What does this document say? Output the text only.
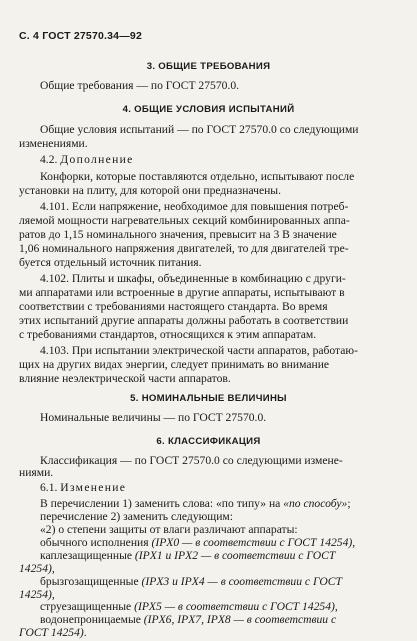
С. 4 ГОСТ 27570.34—92
3. ОБЩИЕ ТРЕБОВАНИЯ
Общие требования — по ГОСТ 27570.0.
4. ОБЩИЕ УСЛОВИЯ ИСПЫТАНИЙ
Общие условия испытаний — по ГОСТ 27570.0 со следующими
изменениями.
4.2. Дополнение
Конфорки, которые поставляются отдельно, испытывают после
установки на плиту, для которой они предназначены.
4.101. Если напряжение, необходимое для повышения потреб-
ляемой мощности нагревательных секций комбинированных аппа-
ратов до 1,15 номинального значения, превысит на 3 В значение
1,06 номинального напряжения двигателей, то для двигателей тре-
буется отдельный источник питания.
4.102. Плиты и шкафы, объединенные в комбинацию с други-
ми аппаратами или встроенные в другие аппараты, испытывают в
соответствии с требованиями настоящего стандарта. Во время
этих испытаний другие аппараты должны работать в соответствии
с требованиями стандартов, относящихся к этим аппаратам.
4.103. При испытании электрической части аппаратов, работаю-
щих на других видах энергии, следует принимать во внимание
влияние неэлектрической части аппаратов.
5. НОМИНАЛЬНЫЕ ВЕЛИЧИНЫ
Номинальные величины — по ГОСТ 27570.0.
6. КЛАССИФИКАЦИЯ
Классификация — по ГОСТ 27570.0 со следующими измене-
ниями.
6.1. Изменение
В перечислении 1) заменить слова: «по типу» на «по способу»;
перечисление 2) заменить следующим:
«2) о степени защиты от влаги различают аппараты:
обычного исполнения (IPX0 — в соответствии с ГОСТ 14254),
каплезащищенные (IPX1 и IPX2 — в соответствии с ГОСТ
14254),
брызгозащищенные (IPX3 и IPX4 — в соответствии с ГОСТ
14254),
струезащищенные (IPX5 — в соответствии с ГОСТ 14254),
водонепроницаемые (IPX6, IPX7, IPX8 — в соответствии с
ГОСТ 14254).
